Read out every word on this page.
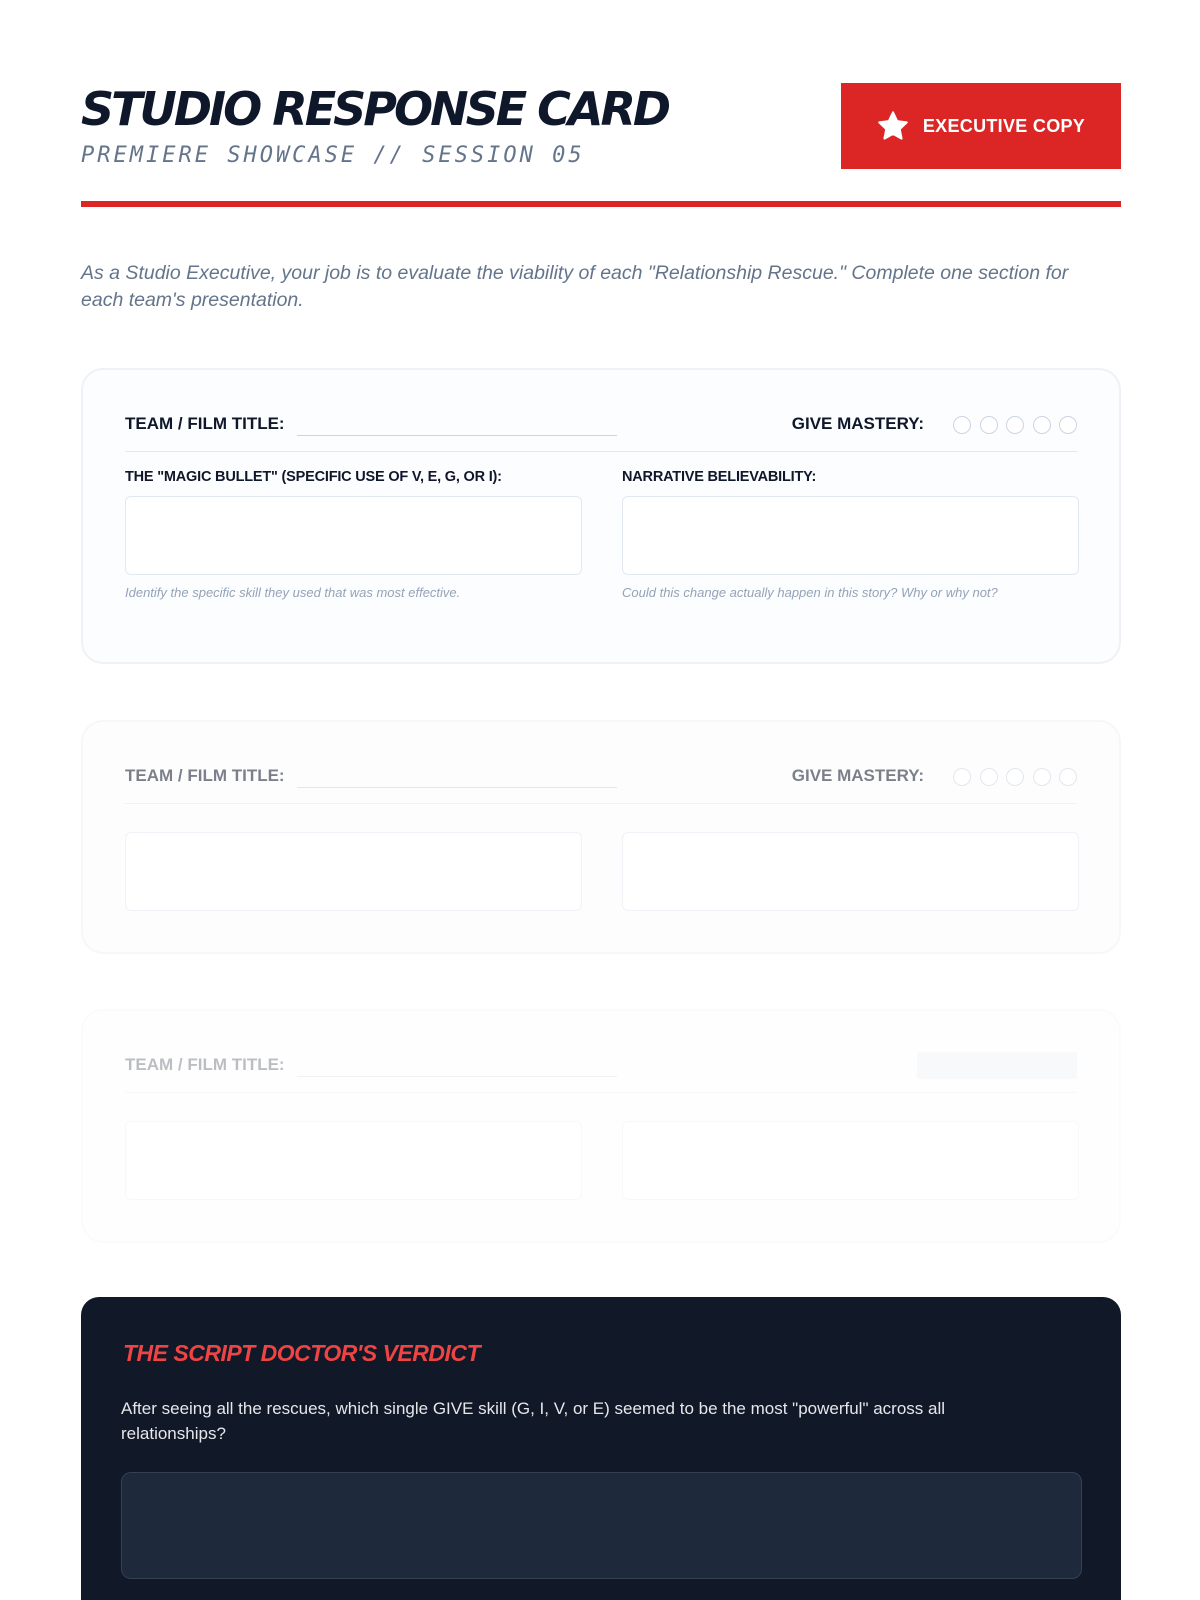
STUDIO RESPONSE CARD
PREMIERE SHOWCASE // SESSION 05
EXECUTIVE COPY

As a Studio Executive, your job is to evaluate the viability of each "Relationship Rescue." Complete one section for each team's presentation.

TEAM / FILM TITLE:	GIVE MASTERY:
THE "MAGIC BULLET" (SPECIFIC USE OF V, E, G, OR I):
Identify the specific skill they used that was most effective.
NARRATIVE BELIEVABILITY:
Could this change actually happen in this story? Why or why not?
TEAM / FILM TITLE:	GIVE MASTERY:
TEAM / FILM TITLE:
THE SCRIPT DOCTOR'S VERDICT

After seeing all the rescues, which single GIVE skill (G, I, V, or E) seemed to be the most "powerful" across all relationships?
